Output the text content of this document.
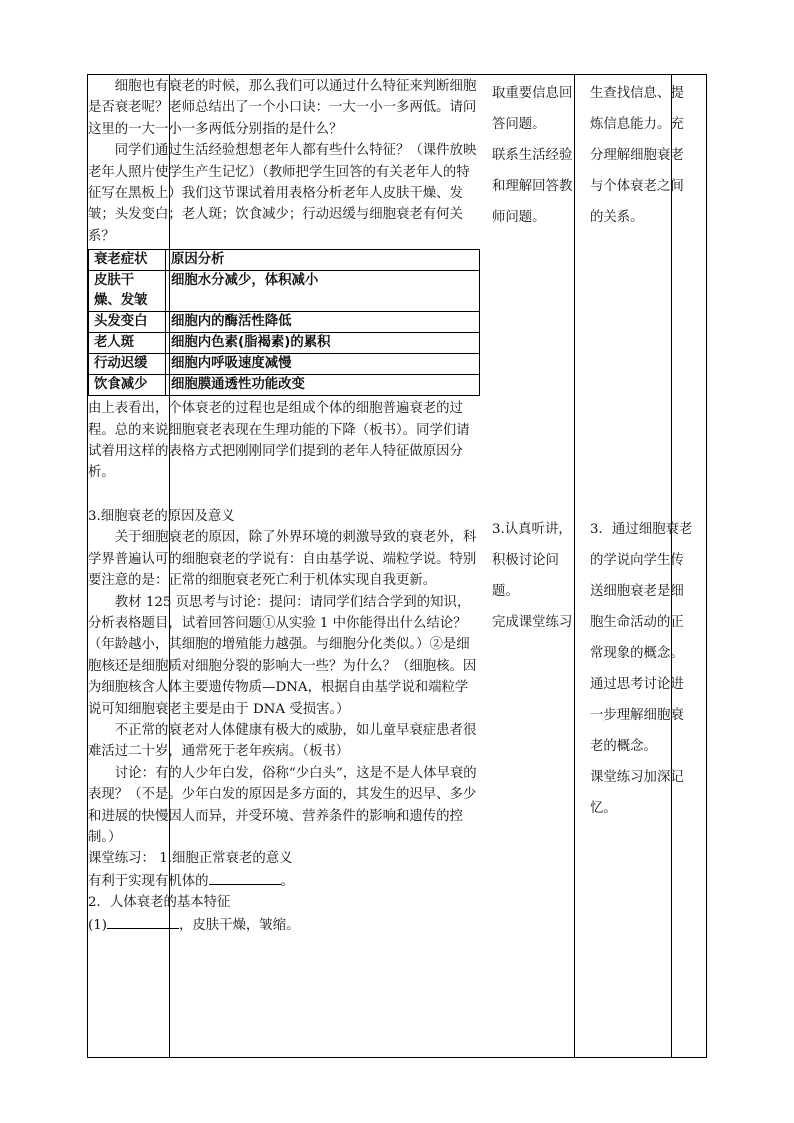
细胞也有衰老的时候，那么我们可以通过什么特征来判断细胞是否衰老呢？老师总结出了一个小口诀：一大一小一多两低。请问这里的一大一小一多两低分别指的是什么？

同学们通过生活经验想想老年人都有些什么特征？（课件放映老年人照片使学生产生记忆）（教师把学生回答的有关老年人的特征写在黑板上）我们这节课试着用表格分析老年人皮肤干燥、发皱；头发变白；老人斑；饮食减少；行动迟缓与细胞衰老有何关系？

衰老症状	原因分析
皮肤干燥、发皱	细胞水分减少，体积减小
头发变白	细胞内的酶活性降低
老人斑	细胞内色素(脂褐素)的累积
行动迟缓	细胞内呼吸速度减慢
饮食减少	细胞膜通透性功能改变

由上表看出，个体衰老的过程也是组成个体的细胞普遍衰老的过程。总的来说细胞衰老表现在生理功能的下降（板书）。同学们请试着用这样的表格方式把刚刚同学们提到的老年人特征做原因分析。

3.细胞衰老的原因及意义

关于细胞衰老的原因，除了外界环境的刺激导致的衰老外，科学界普遍认可的细胞衰老的学说有：自由基学说、端粒学说。特别要注意的是：正常的细胞衰老死亡利于机体实现自我更新。

教材 125 页思考与讨论：提问：请同学们结合学到的知识，分析表格题目，试着回答问题①从实验 1 中你能得出什么结论？（年龄越小，其细胞的增殖能力越强。与细胞分化类似。）②是细胞核还是细胞质对细胞分裂的影响大一些？为什么？（细胞核。因为细胞核含人体主要遗传物质—DNA，根据自由基学说和端粒学说可知细胞衰老主要是由于 DNA 受损害。）

不正常的衰老对人体健康有极大的威胁，如儿童早衰症患者很难活过二十岁，通常死于老年疾病。（板书）

讨论：有的人少年白发，俗称“少白头”，这是不是人体早衰的表现？（不是。少年白发的原因是多方面的，其发生的迟早、多少和进展的快慢因人而异，并受环境、营养条件的影响和遗传的控制。）

课堂练习： 1.细胞正常衰老的意义

有利于实现有机体的	。

2．人体衰老的基本特征

(1)	，皮肤干燥，皱缩。

取重要信息回
答问题。
联系生活经验
和理解回答教
师问题。
3.认真听讲，
积极讨论问题。
完成课堂练习
生查找信息、提
炼信息能力。充
分理解细胞衰老
与个体衰老之间
的关系。
3．通过细胞衰老
的学说向学生传
送细胞衰老是细
胞生命活动的正
常现象的概念。
通过思考讨论进
一步理解细胞衰
老的概念。
课堂练习加深记
忆。
